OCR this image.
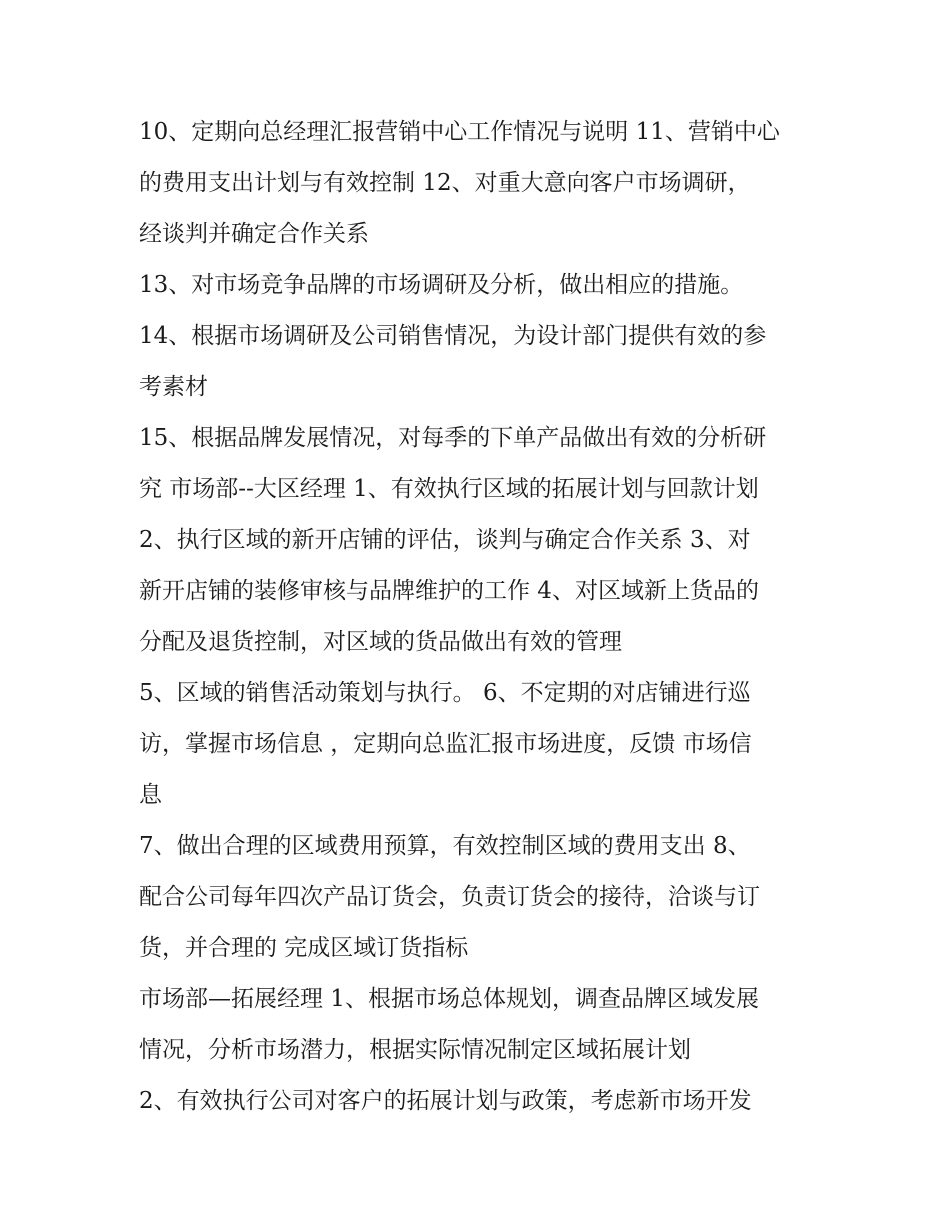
10、定期向总经理汇报营销中心工作情况与说明 11、营销中心
的费用支出计划与有效控制 12、对重大意向客户市场调研，
经谈判并确定合作关系
13、对市场竞争品牌的市场调研及分析，做出相应的措施。
14、根据市场调研及公司销售情况，为设计部门提供有效的参
考素材
15、根据品牌发展情况，对每季的下单产品做出有效的分析研
究 市场部--大区经理 1、有效执行区域的拓展计划与回款计划
2、执行区域的新开店铺的评估，谈判与确定合作关系 3、对
新开店铺的装修审核与品牌维护的工作 4、对区域新上货品的
分配及退货控制，对区域的货品做出有效的管理
5、区域的销售活动策划与执行。 6、不定期的对店铺进行巡
访，掌握市场信息 ，定期向总监汇报市场进度，反馈 市场信
息
7、做出合理的区域费用预算，有效控制区域的费用支出 8、
配合公司每年四次产品订货会，负责订货会的接待，洽谈与订
货，并合理的 完成区域订货指标
市场部—拓展经理 1、根据市场总体规划，调查品牌区域发展
情况，分析市场潜力，根据实际情况制定区域拓展计划
2、有效执行公司对客户的拓展计划与政策，考虑新市场开发
